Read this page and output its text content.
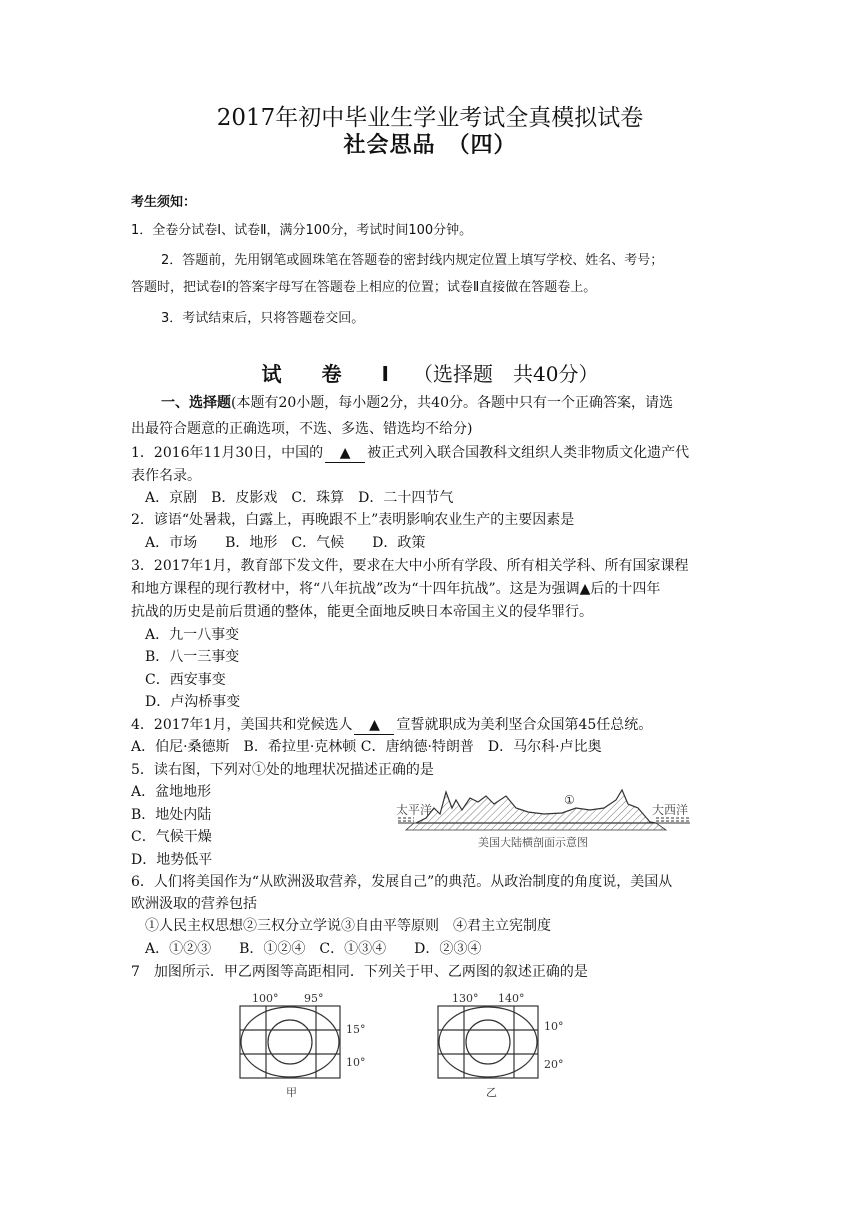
2017年初中毕业生学业考试全真模拟试卷
社会思品　（四）
考生须知：
1．全卷分试卷Ⅰ、试卷Ⅱ，满分100分，考试时间100分钟。
2．答题前，先用钢笔或圆珠笔在答题卷的密封线内规定位置上填写学校、姓名、考号；
答题时，把试卷Ⅰ的答案字母写在答题卷上相应的位置；试卷Ⅱ直接做在答题卷上。
3．考试结束后，只将答题卷交回。
试　卷　Ⅰ （选择题　共40分）
一、选择题(本题有20小题，每小题2分，共40分。各题中只有一个正确答案，请选
出最符合题意的正确选项，不选、多选、错选均不给分)
1．2016年11月30日，中国的 ▲ 被正式列入联合国教科文组织人类非物质文化遗产代
表作名录。
A．京剧　B．皮影戏　C．珠算　D．二十四节气
2．谚语“处暑栽，白露上，再晚跟不上”表明影响农业生产的主要因素是
A．市场　　B．地形　C．气候　　D．政策
3．2017年1月，教育部下发文件，要求在大中小所有学段、所有相关学科、所有国家课程
和地方课程的现行教材中，将“八年抗战”改为“十四年抗战”。这是为强调▲后的十四年
抗战的历史是前后贯通的整体，能更全面地反映日本帝国主义的侵华罪行。
A．九一八事变
B．八一三事变
C．西安事变
D．卢沟桥事变
4．2017年1月，美国共和党候选人 ▲ 宣誓就职成为美利坚合众国第45任总统。
A．伯尼·桑德斯　B．希拉里·克林顿 C．唐纳德·特朗普　D．马尔科·卢比奥
5．读右图，下列对①处的地理状况描述正确的是
A．盆地地形
B．地处内陆
C．气候干燥
D．地势低平
太平洋	大西洋
①
美国大陆横剖面示意图
6．人们将美国作为“从欧洲汲取营养，发展自己”的典范。从政治制度的角度说，美国从
欧洲汲取的营养包括
①人民主权思想②三权分立学说③自由平等原则　④君主立宪制度
A．①②③　　B．①②④　C．①③④　　D．②③④
7　加图所示．甲乙两图等高距相同．下列关于甲、乙两图的叙述正确的是
100° 95°
15°
10°
甲
130° 140°
10°
20°
乙
